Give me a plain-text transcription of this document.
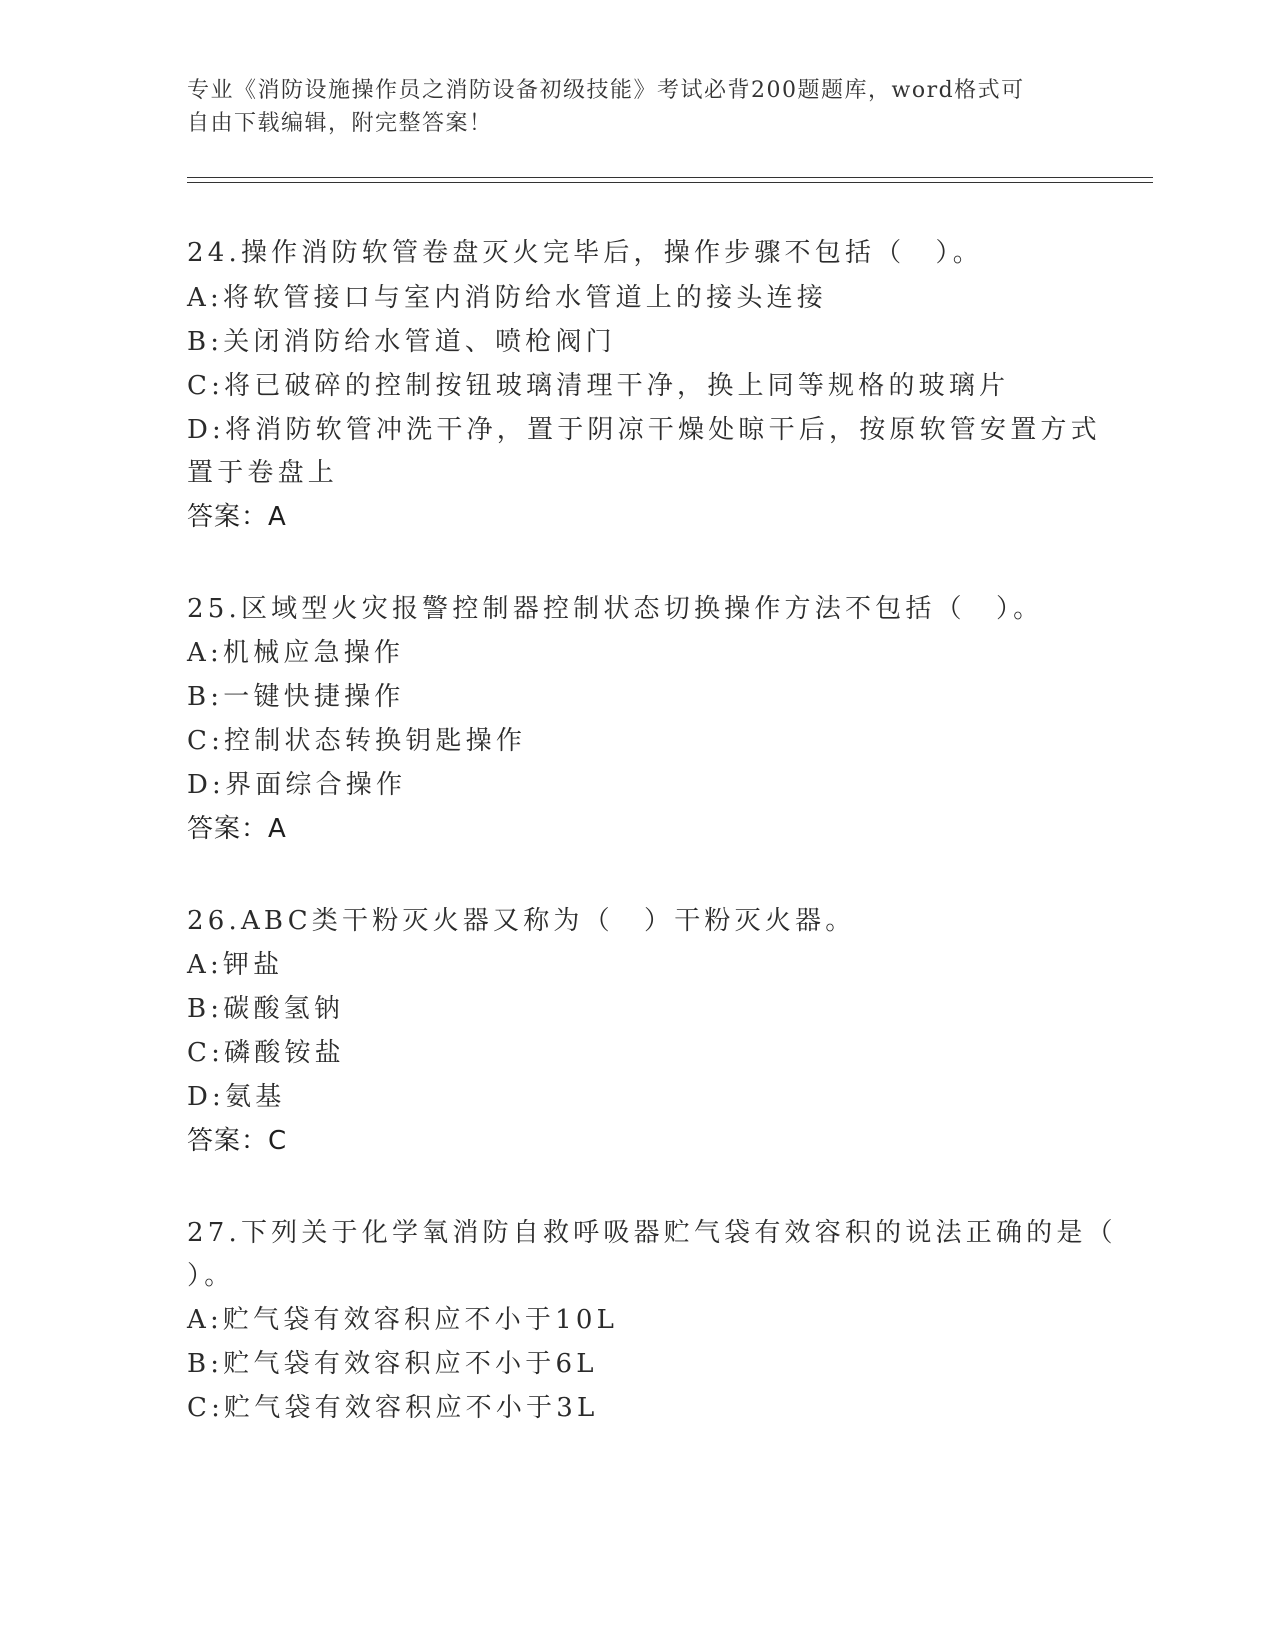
专业《消防设施操作员之消防设备初级技能》考试必背200题题库，word格式可
自由下载编辑，附完整答案！
24.操作消防软管卷盘灭火完毕后，操作步骤不包括（　）。
A:将软管接口与室内消防给水管道上的接头连接
B:关闭消防给水管道、喷枪阀门
C:将已破碎的控制按钮玻璃清理干净，换上同等规格的玻璃片
D:将消防软管冲洗干净，置于阴凉干燥处晾干后，按原软管安置方式
置于卷盘上
答案：A
25.区域型火灾报警控制器控制状态切换操作方法不包括（　）。
A:机械应急操作
B:一键快捷操作
C:控制状态转换钥匙操作
D:界面综合操作
答案：A
26.ABC类干粉灭火器又称为（　）干粉灭火器。
A:钾盐
B:碳酸氢钠
C:磷酸铵盐
D:氨基
答案：C
27.下列关于化学氧消防自救呼吸器贮气袋有效容积的说法正确的是（
）。
A:贮气袋有效容积应不小于10L
B:贮气袋有效容积应不小于6L
C:贮气袋有效容积应不小于3L
